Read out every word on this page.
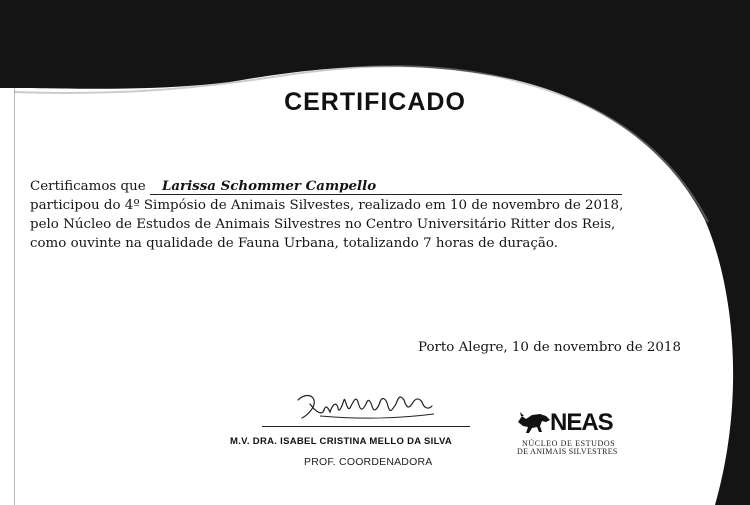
CERTIFICADO
Certificamos que Larissa Schommer Campello
participou do 4º Simpósio de Animais Silvestes, realizado em 10 de novembro de 2018,
pelo Núcleo de Estudos de Animais Silvestres no Centro Universitário Ritter dos Reis,
como ouvinte na qualidade de Fauna Urbana, totalizando 7 horas de duração.
Porto Alegre, 10 de novembro de 2018
M.V. DRA. ISABEL CRISTINA MELLO DA SILVA
PROF. COORDENADORA
NEAS
NÚCLEO DE ESTUDOS
DE ANIMAIS SILVESTRES
